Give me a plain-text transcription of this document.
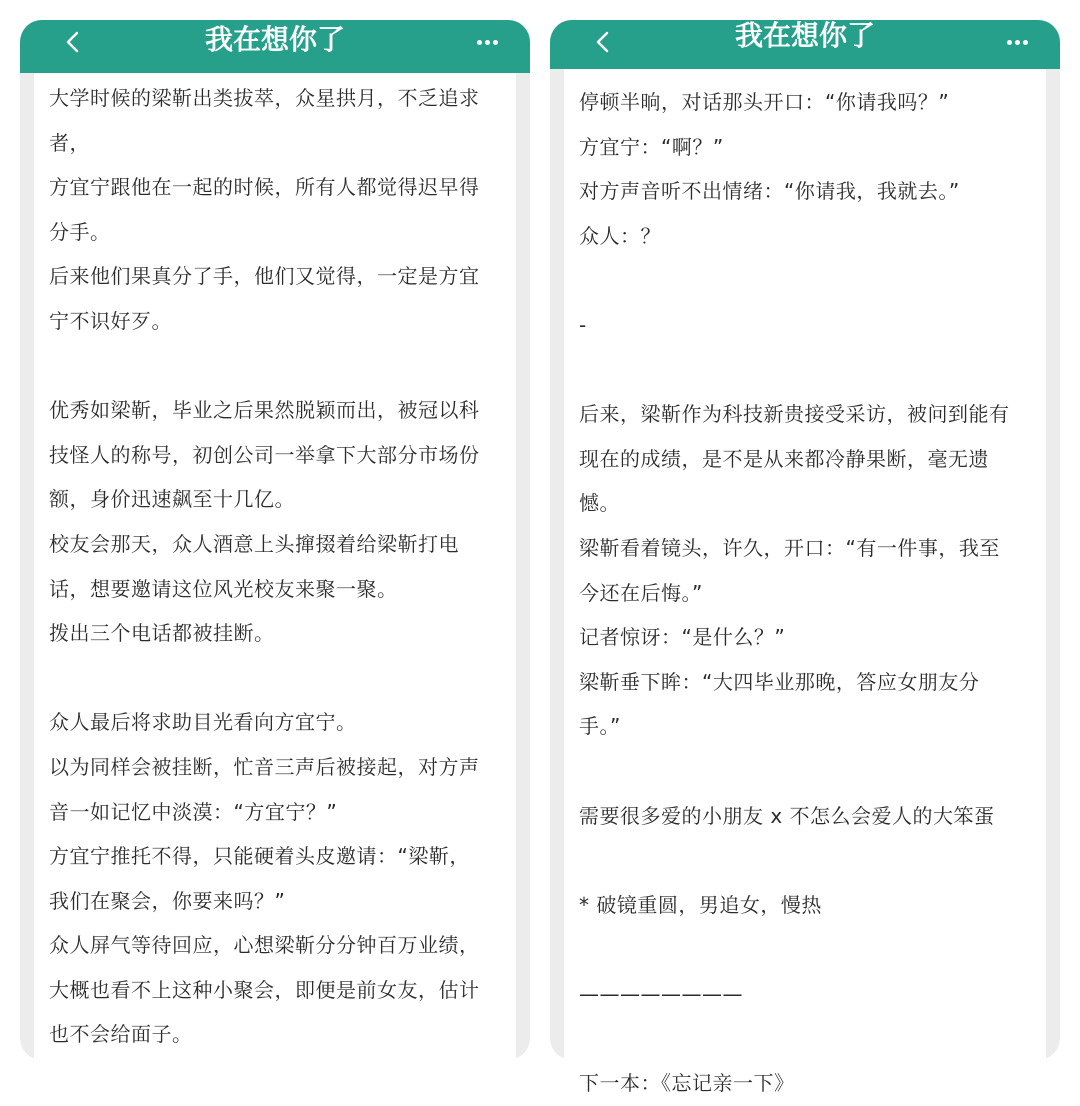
我在想你了
大学时候的梁靳出类拔萃，众星拱月，不乏追求
者，
方宜宁跟他在一起的时候，所有人都觉得迟早得
分手。
后来他们果真分了手，他们又觉得，一定是方宜
宁不识好歹。
优秀如梁靳，毕业之后果然脱颖而出，被冠以科
技怪人的称号，初创公司一举拿下大部分市场份
额，身价迅速飙至十几亿。
校友会那天，众人酒意上头撺掇着给梁靳打电
话，想要邀请这位风光校友来聚一聚。
拨出三个电话都被挂断。
众人最后将求助目光看向方宜宁。
以为同样会被挂断，忙音三声后被接起，对方声
音一如记忆中淡漠：“方宜宁？”
方宜宁推托不得，只能硬着头皮邀请：“梁靳，
我们在聚会，你要来吗？”
众人屏气等待回应，心想梁靳分分钟百万业绩，
大概也看不上这种小聚会，即便是前女友，估计
也不会给面子。
我在想你了
停顿半晌，对话那头开口：“你请我吗？”
方宜宁：“啊？”
对方声音听不出情绪：“你请我，我就去。”
众人：？
-
后来，梁靳作为科技新贵接受采访，被问到能有
现在的成绩，是不是从来都冷静果断，毫无遗
憾。
梁靳看着镜头，许久，开口：“有一件事，我至
今还在后悔。”
记者惊讶：“是什么？”
梁靳垂下眸：“大四毕业那晚，答应女朋友分
手。”
需要很多爱的小朋友 x 不怎么会爱人的大笨蛋
* 破镜重圆，男追女，慢热
————————
下一本：《忘记亲一下》
